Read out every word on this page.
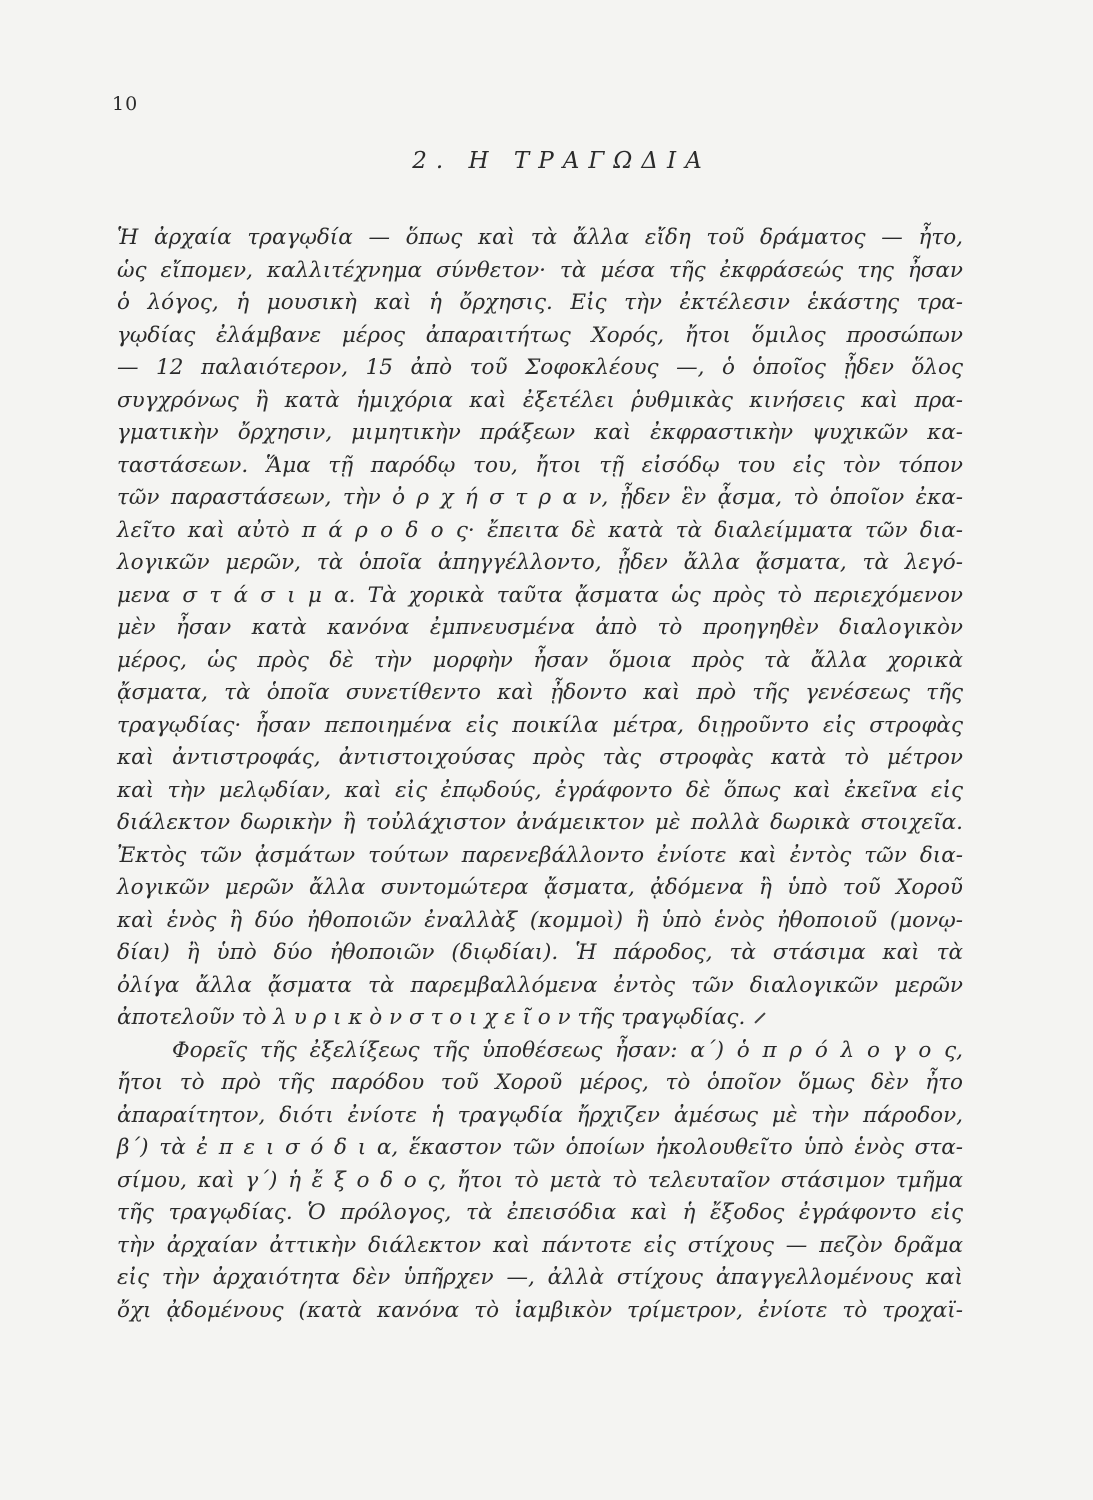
10
2. Η ΤΡΑΓΩΔΙΑ
Ἡ ἀρχαία τραγῳδία — ὅπως καὶ τὰ ἄλλα εἴδη τοῦ δράματος — ἦτο,
ὡς εἴπομεν, καλλιτέχνημα σύνθετον· τὰ μέσα τῆς ἐκφράσεώς της ἦσαν
ὁ λόγος, ἡ μουσικὴ καὶ ἡ ὄρχησις. Εἰς τὴν ἐκτέλεσιν ἑκάστης τρα-
γῳδίας ἐλάμβανε μέρος ἀπαραιτήτως Χορός, ἤτοι ὅμιλος προσώπων
— 12 παλαιότερον, 15 ἀπὸ τοῦ Σοφοκλέους —, ὁ ὁποῖος ᾖδεν ὅλος
συγχρόνως ἢ κατὰ ἡμιχόρια καὶ ἐξετέλει ῥυθμικὰς κινήσεις καὶ πρα-
γματικὴν ὄρχησιν, μιμητικὴν πράξεων καὶ ἐκφραστικὴν ψυχικῶν κα-
ταστάσεων. Ἅμα τῇ παρόδῳ του, ἤτοι τῇ εἰσόδῳ του εἰς τὸν τόπον
τῶν παραστάσεων, τὴν ὀ ρ χ ή σ τ ρ α ν, ᾖδεν ἓν ᾆσμα, τὸ ὁποῖον ἐκα-
λεῖτο καὶ αὐτὸ π ά ρ ο δ ο ς· ἔπειτα δὲ κατὰ τὰ διαλείμματα τῶν δια-
λογικῶν μερῶν, τὰ ὁποῖα ἀπηγγέλλοντο, ᾖδεν ἄλλα ᾄσματα, τὰ λεγό-
μενα σ τ ά σ ι μ α. Τὰ χορικὰ ταῦτα ᾄσματα ὡς πρὸς τὸ περιεχόμενον
μὲν ἦσαν κατὰ κανόνα ἐμπνευσμένα ἀπὸ τὸ προηγηθὲν διαλογικὸν
μέρος, ὡς πρὸς δὲ τὴν μορφὴν ἦσαν ὅμοια πρὸς τὰ ἄλλα χορικὰ
ᾄσματα, τὰ ὁποῖα συνετίθεντο καὶ ᾖδοντο καὶ πρὸ τῆς γενέσεως τῆς
τραγῳδίας· ἦσαν πεποιημένα εἰς ποικίλα μέτρα, διῃροῦντο εἰς στροφὰς
καὶ ἀντιστροφάς, ἀντιστοιχούσας πρὸς τὰς στροφὰς κατὰ τὸ μέτρον
καὶ τὴν μελῳδίαν, καὶ εἰς ἐπῳδούς, ἐγράφοντο δὲ ὅπως καὶ ἐκεῖνα εἰς
διάλεκτον δωρικὴν ἢ τοὐλάχιστον ἀνάμεικτον μὲ πολλὰ δωρικὰ στοιχεῖα.
Ἐκτὸς τῶν ᾀσμάτων τούτων παρενεβάλλοντο ἐνίοτε καὶ ἐντὸς τῶν δια-
λογικῶν μερῶν ἄλλα συντομώτερα ᾄσματα, ᾀδόμενα ἢ ὑπὸ τοῦ Χοροῦ
καὶ ἑνὸς ἢ δύο ἠθοποιῶν ἐναλλὰξ (κομμοὶ) ἢ ὑπὸ ἑνὸς ἠθοποιοῦ (μονῳ-
δίαι) ἢ ὑπὸ δύο ἠθοποιῶν (διῳδίαι). Ἡ πάροδος, τὰ στάσιμα καὶ τὰ
ὀλίγα ἄλλα ᾄσματα τὰ παρεμβαλλόμενα ἐντὸς τῶν διαλογικῶν μερῶν
ἀποτελοῦν τὸ λ υ ρ ι κ ὸ ν σ τ ο ι χ ε ῖ ο ν τῆς τραγῳδίας.
Φορεῖς τῆς ἐξελίξεως τῆς ὑποθέσεως ἦσαν: α΄) ὁ π ρ ό λ ο γ ο ς,
ἤτοι τὸ πρὸ τῆς παρόδου τοῦ Χοροῦ μέρος, τὸ ὁποῖον ὅμως δὲν ἦτο
ἀπαραίτητον, διότι ἐνίοτε ἡ τραγῳδία ἤρχιζεν ἀμέσως μὲ τὴν πάροδον,
β΄) τὰ ἐ π ε ι σ ό δ ι α, ἕκαστον τῶν ὁποίων ἠκολουθεῖτο ὑπὸ ἑνὸς στα-
σίμου, καὶ γ΄) ἡ ἔ ξ ο δ ο ς, ἤτοι τὸ μετὰ τὸ τελευταῖον στάσιμον τμῆμα
τῆς τραγῳδίας. Ὁ πρόλογος, τὰ ἐπεισόδια καὶ ἡ ἔξοδος ἐγράφοντο εἰς
τὴν ἀρχαίαν ἀττικὴν διάλεκτον καὶ πάντοτε εἰς στίχους — πεζὸν δρᾶμα
εἰς τὴν ἀρχαιότητα δὲν ὑπῆρχεν —, ἀλλὰ στίχους ἀπαγγελλομένους καὶ
ὄχι ᾀδομένους (κατὰ κανόνα τὸ ἰαμβικὸν τρίμετρον, ἐνίοτε τὸ τροχαϊ-
